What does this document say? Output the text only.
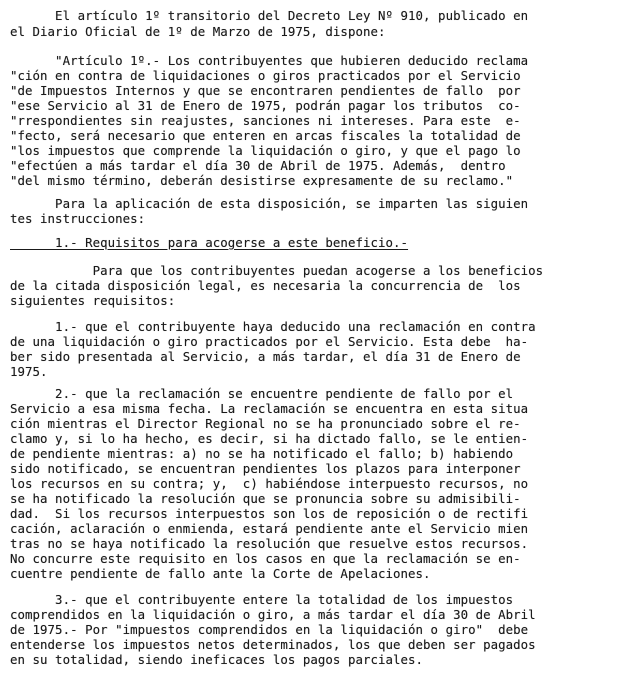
El artículo 1º transitorio del Decreto Ley Nº 910, publicado en
el Diario Oficial de 1º de Marzo de 1975, dispone:
"Artículo 1º.- Los contribuyentes que hubieren deducido reclama
"ción en contra de liquidaciones o giros practicados por el Servicio
"de Impuestos Internos y que se encontraren pendientes de fallo  por
"ese Servicio al 31 de Enero de 1975, podrán pagar los tributos  co-
"rrespondientes sin reajustes, sanciones ni intereses. Para este  e-
"fecto, será necesario que enteren en arcas fiscales la totalidad de
"los impuestos que comprende la liquidación o giro, y que el pago lo
"efectúen a más tardar el día 30 de Abril de 1975. Además,  dentro
"del mismo término, deberán desistirse expresamente de su reclamo."
Para la aplicación de esta disposición, se imparten las siguien
tes instrucciones:
1.- Requisitos para acogerse a este beneficio.-
Para que los contribuyentes puedan acogerse a los beneficios
de la citada disposición legal, es necesaria la concurrencia de  los
siguientes requisitos:
1.- que el contribuyente haya deducido una reclamación en contra
de una liquidación o giro practicados por el Servicio. Esta debe  ha-
ber sido presentada al Servicio, a más tardar, el día 31 de Enero de
1975.
2.- que la reclamación se encuentre pendiente de fallo por el
Servicio a esa misma fecha. La reclamación se encuentra en esta situa
ción mientras el Director Regional no se ha pronunciado sobre el re-
clamo y, si lo ha hecho, es decir, si ha dictado fallo, se le entien-
de pendiente mientras: a) no se ha notificado el fallo; b) habiendo
sido notificado, se encuentran pendientes los plazos para interponer
los recursos en su contra; y,  c) habiéndose interpuesto recursos, no
se ha notificado la resolución que se pronuncia sobre su admisibili-
dad.  Si los recursos interpuestos son los de reposición o de rectifi
cación, aclaración o enmienda, estará pendiente ante el Servicio mien
tras no se haya notificado la resolución que resuelve estos recursos.
No concurre este requisito en los casos en que la reclamación se en-
cuentre pendiente de fallo ante la Corte de Apelaciones.
3.- que el contribuyente entere la totalidad de los impuestos
comprendidos en la liquidación o giro, a más tardar el día 30 de Abril
de 1975.- Por "impuestos comprendidos en la liquidación o giro"  debe
entenderse los impuestos netos determinados, los que deben ser pagados
en su totalidad, siendo ineficaces los pagos parciales.
